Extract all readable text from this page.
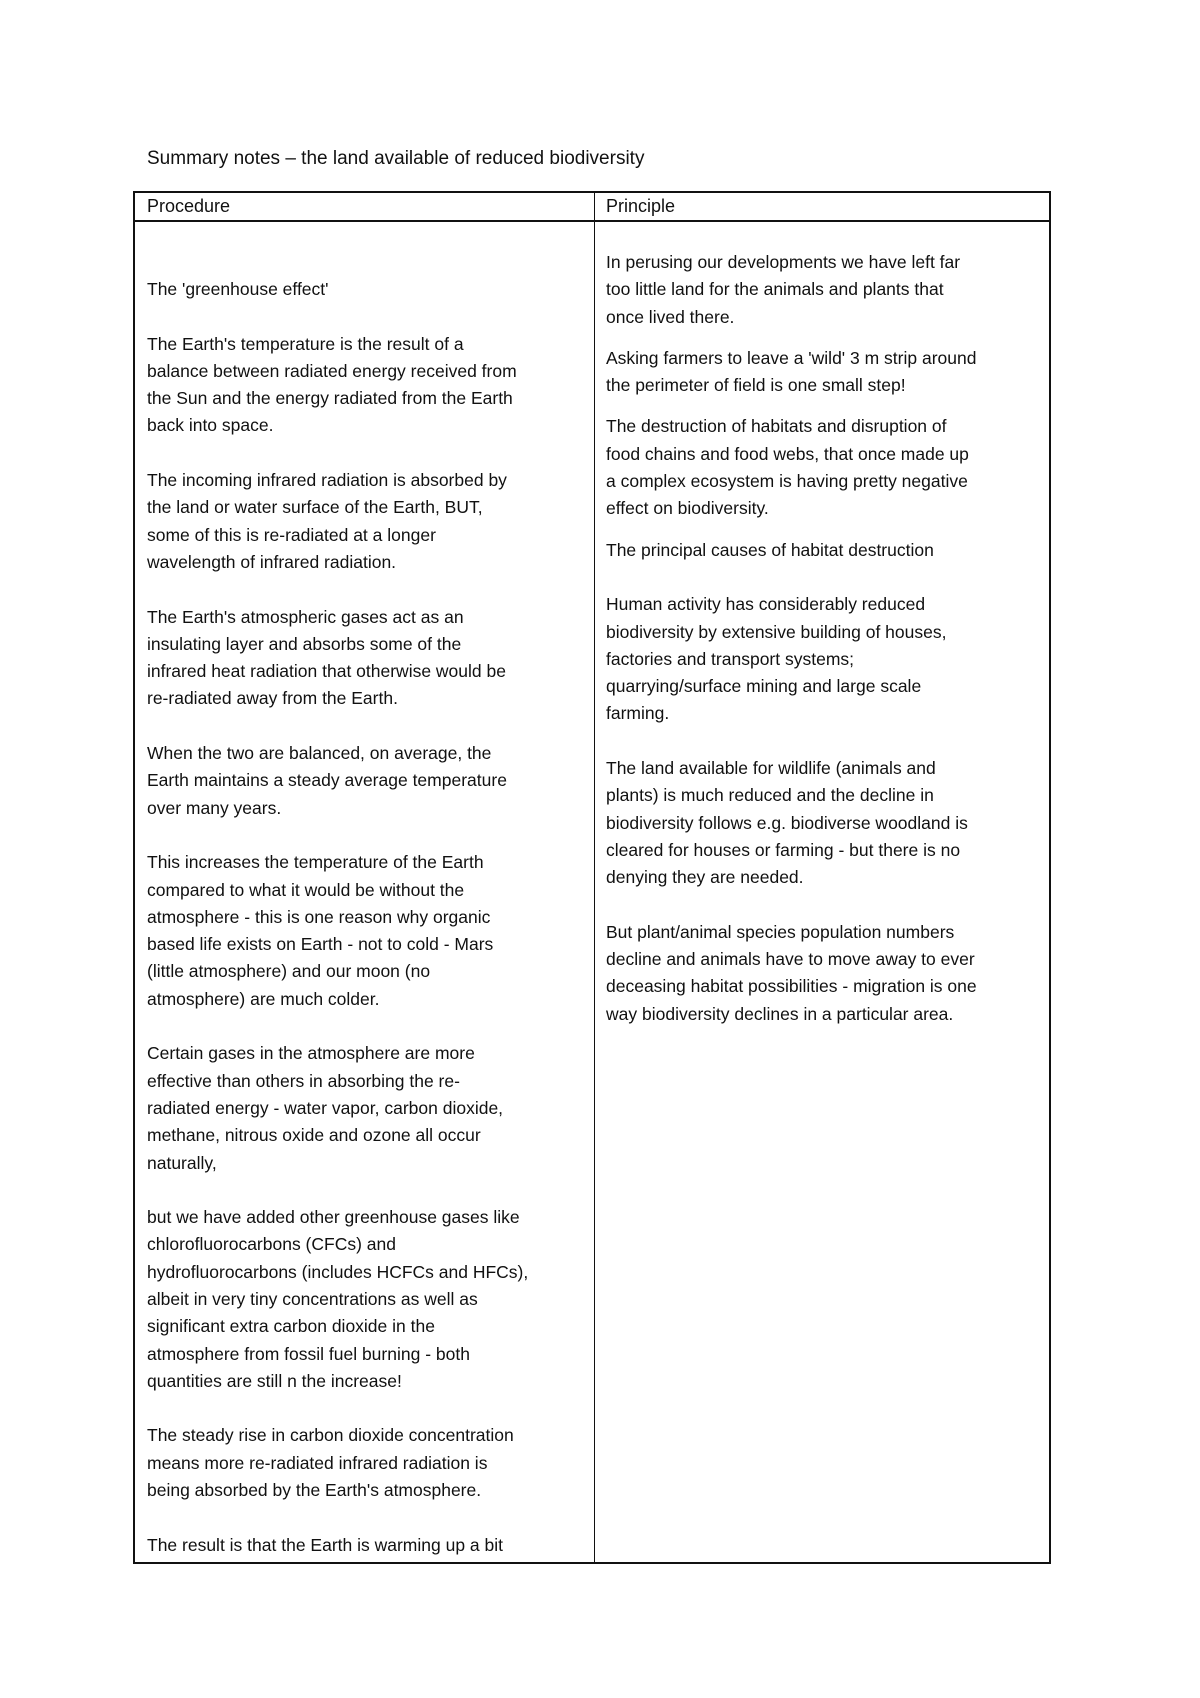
Summary notes – the land available of reduced biodiversity
Procedure	Principle

The 'greenhouse effect'

The Earth's temperature is the result of a
balance between radiated energy received from
the Sun and the energy radiated from the Earth
back into space.

The incoming infrared radiation is absorbed by
the land or water surface of the Earth, BUT,
some of this is re-radiated at a longer
wavelength of infrared radiation.

The Earth's atmospheric gases act as an
insulating layer and absorbs some of the
infrared heat radiation that otherwise would be
re-radiated away from the Earth.

When the two are balanced, on average, the
Earth maintains a steady average temperature
over many years.

This increases the temperature of the Earth
compared to what it would be without the
atmosphere - this is one reason why organic
based life exists on Earth - not to cold - Mars
(little atmosphere) and our moon (no
atmosphere) are much colder.

Certain gases in the atmosphere are more
effective than others in absorbing the re-
radiated energy - water vapor, carbon dioxide,
methane, nitrous oxide and ozone all occur
naturally,

but we have added other greenhouse gases like
chlorofluorocarbons (CFCs) and
hydrofluorocarbons (includes HCFCs and HFCs),
albeit in very tiny concentrations as well as
significant extra carbon dioxide in the
atmosphere from fossil fuel burning - both
quantities are still n the increase!

The steady rise in carbon dioxide concentration
means more re-radiated infrared radiation is
being absorbed by the Earth's atmosphere.

The result is that the Earth is warming up a bit

In perusing our developments we have left far
too little land for the animals and plants that
once lived there.

Asking farmers to leave a 'wild' 3 m strip around
the perimeter of field is one small step!

The destruction of habitats and disruption of
food chains and food webs, that once made up
a complex ecosystem is having pretty negative
effect on biodiversity.

The principal causes of habitat destruction

Human activity has considerably reduced
biodiversity by extensive building of houses,
factories and transport systems;
quarrying/surface mining and large scale
farming.

The land available for wildlife (animals and
plants) is much reduced and the decline in
biodiversity follows e.g. biodiverse woodland is
cleared for houses or farming - but there is no
denying they are needed.

But plant/animal species population numbers
decline and animals have to move away to ever
deceasing habitat possibilities - migration is one
way biodiversity declines in a particular area.
